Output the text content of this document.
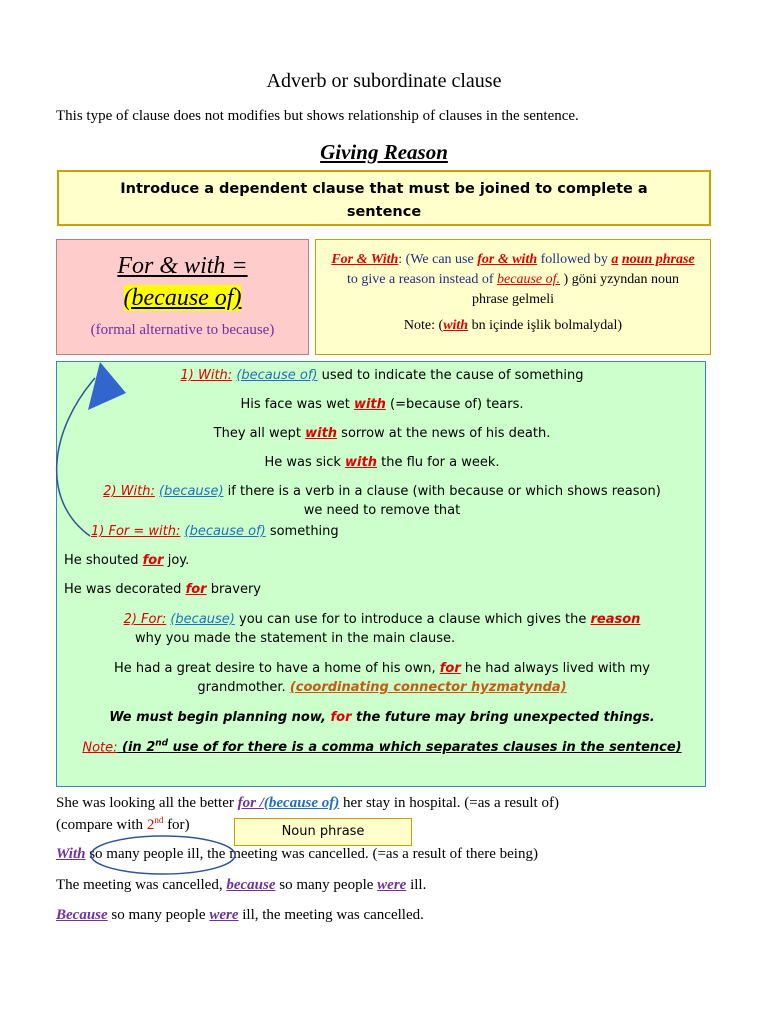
Adverb or subordinate clause
This type of clause does not modifies but shows relationship of clauses in the sentence.
Giving Reason
Introduce a dependent clause that must be joined to complete a
sentence
For & with =
(because of)
(formal alternative to because)
For & With: (We can use for & with followed by a noun phrase to give a reason instead of because of. ) göni yzyndan noun phrase gelmeli
Note: (with bn içinde işlik bolmalydal)
1) With: (because of) used to indicate the cause of something
His face was wet with (=because of) tears.
They all wept with sorrow at the news of his death.
He was sick with the flu for a week.
2) With: (because) if there is a verb in a clause (with because or which shows reason)
we need to remove that
1) For = with: (because of) something
He shouted for joy.
He was decorated for bravery
2) For: (because) you can use for to introduce a clause which gives the reason
why you made the statement in the main clause.
He had a great desire to have a home of his own, for he had always lived with my
grandmother. (coordinating connector hyzmatynda)
We must begin planning now, for the future may bring unexpected things.
Note: (in 2nd use of for there is a comma which separates clauses in the sentence)
She was looking all the better for /(because of) her stay in hospital. (=as a result of)
(compare with 2nd for)	Noun phrase
With so many people ill, the meeting was cancelled. (=as a result of there being)
The meeting was cancelled, because so many people were ill.
Because so many people were ill, the meeting was cancelled.
